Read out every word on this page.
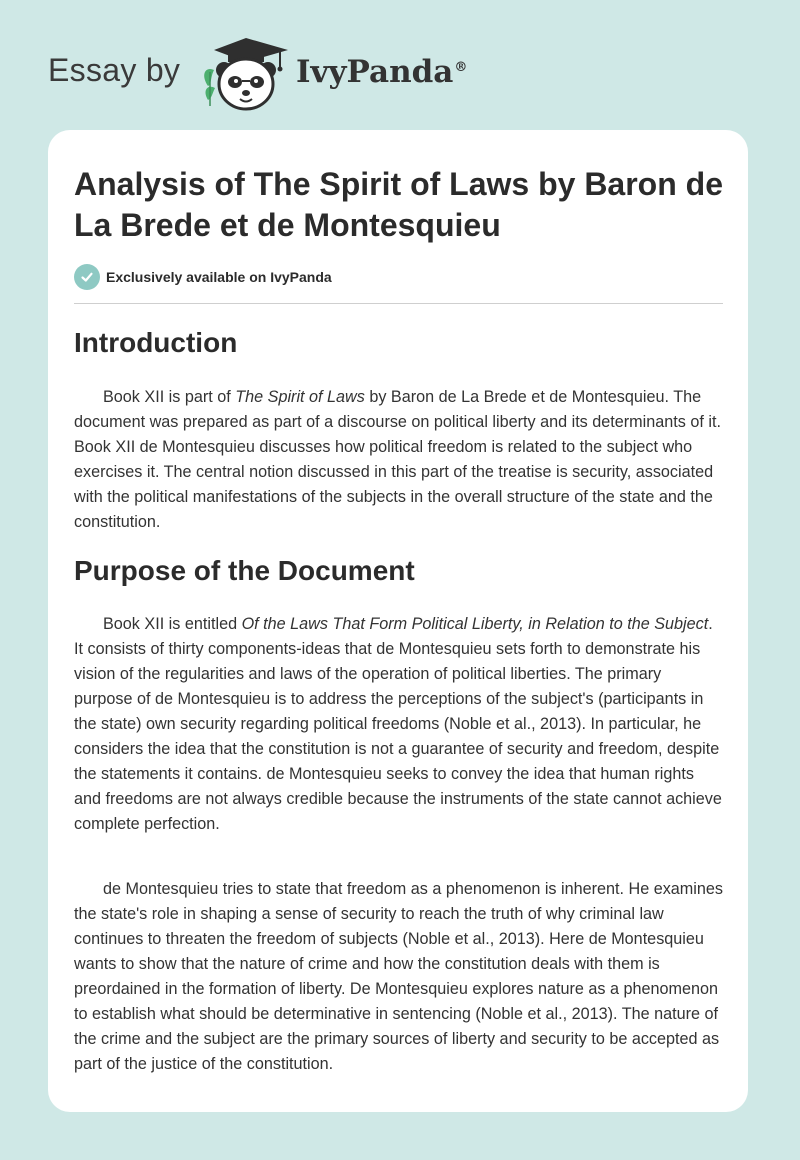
Essay by	IvyPanda®
Analysis of The Spirit of Laws by Baron de La Brede et de Montesquieu
Exclusively available on IvyPanda
Introduction

Book XII is part of The Spirit of Laws by Baron de La Brede et de Montesquieu. The document was prepared as part of a discourse on political liberty and its determinants of it. Book XII de Montesquieu discusses how political freedom is related to the subject who exercises it. The central notion discussed in this part of the treatise is security, associated with the political manifestations of the subjects in the overall structure of the state and the constitution.

Purpose of the Document

Book XII is entitled Of the Laws That Form Political Liberty, in Relation to the Subject. It consists of thirty components-ideas that de Montesquieu sets forth to demonstrate his vision of the regularities and laws of the operation of political liberties. The primary purpose of de Montesquieu is to address the perceptions of the subject's (participants in the state) own security regarding political freedoms (Noble et al., 2013). In particular, he considers the idea that the constitution is not a guarantee of security and freedom, despite the statements it contains. de Montesquieu seeks to convey the idea that human rights and freedoms are not always credible because the instruments of the state cannot achieve complete perfection.

de Montesquieu tries to state that freedom as a phenomenon is inherent. He examines the state's role in shaping a sense of security to reach the truth of why criminal law continues to threaten the freedom of subjects (Noble et al., 2013). Here de Montesquieu wants to show that the nature of crime and how the constitution deals with them is preordained in the formation of liberty. De Montesquieu explores nature as a phenomenon to establish what should be determinative in sentencing (Noble et al., 2013). The nature of the crime and the subject are the primary sources of liberty and security to be accepted as part of the justice of the constitution.
